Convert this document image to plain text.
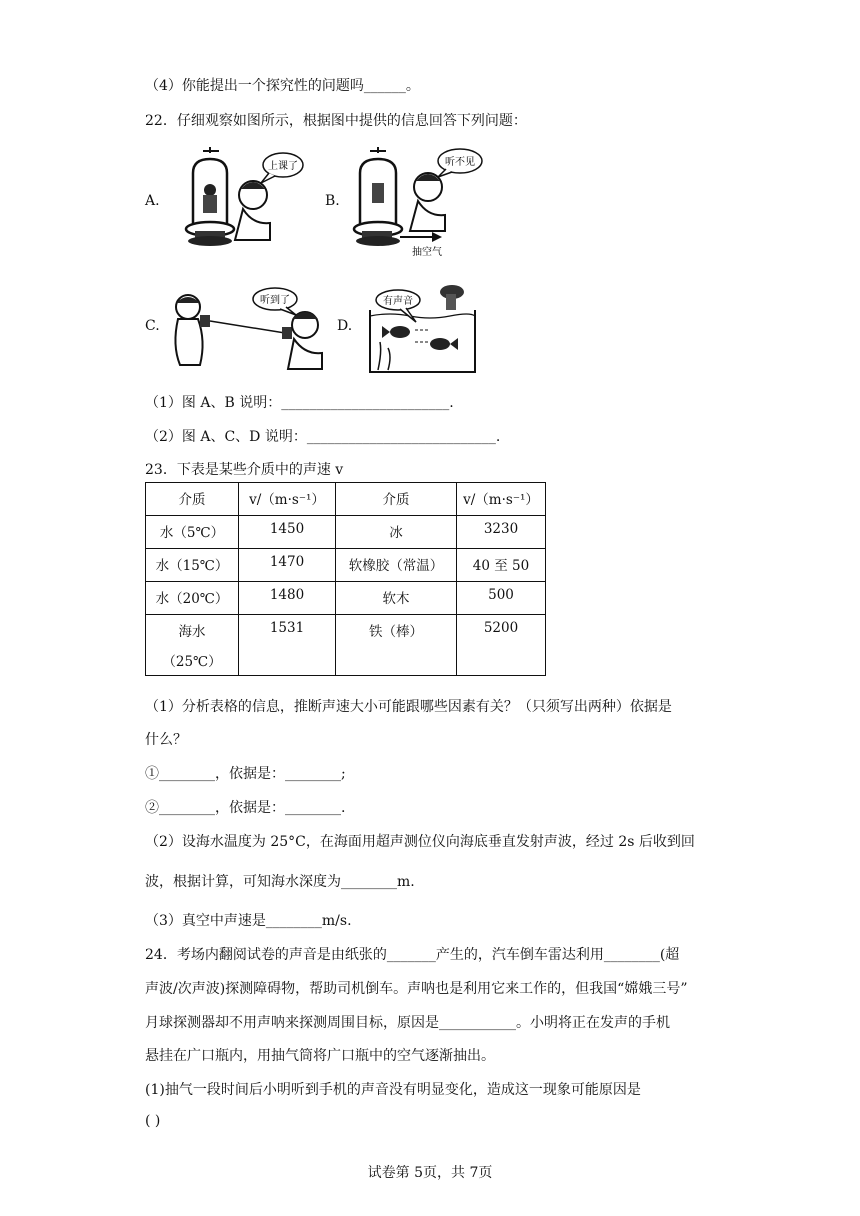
（4）你能提出一个探究性的问题吗______。
22．仔细观察如图所示，根据图中提供的信息回答下列问题：
A.
上课了
B.
抽空气
听不见
C.
听到了
D.
有声音
（1）图 A、B 说明：________________________.
（2）图 A、C、D 说明：___________________________.
23．下表是某些介质中的声速 v
介质	v/（m·s⁻¹）	介质	v/（m·s⁻¹）
水（5℃）	1450	冰	3230
水（15℃）	1470	软橡胶（常温）	40 至 50
水（20℃）	1480	软木	500

海水
（25℃）	1531	铁（棒）	5200
（1）分析表格的信息，推断声速大小可能跟哪些因素有关？（只须写出两种）依据是
什么？
①________，依据是：________;
②________，依据是：________.
（2）设海水温度为 25°C，在海面用超声测位仪向海底垂直发射声波，经过 2s 后收到回
波，根据计算，可知海水深度为________m.
（3）真空中声速是________m/s.
24．考场内翻阅试卷的声音是由纸张的_______产生的，汽车倒车雷达利用________(超
声波/次声波)探测障碍物，帮助司机倒车。声呐也是利用它来工作的，但我国“嫦娥三号”
月球探测器却不用声呐来探测周围目标，原因是___________。小明将正在发声的手机
悬挂在广口瓶内，用抽气筒将广口瓶中的空气逐渐抽出。
(1)抽气一段时间后小明听到手机的声音没有明显变化，造成这一现象可能原因是
( )
试卷第 5页，共 7页
